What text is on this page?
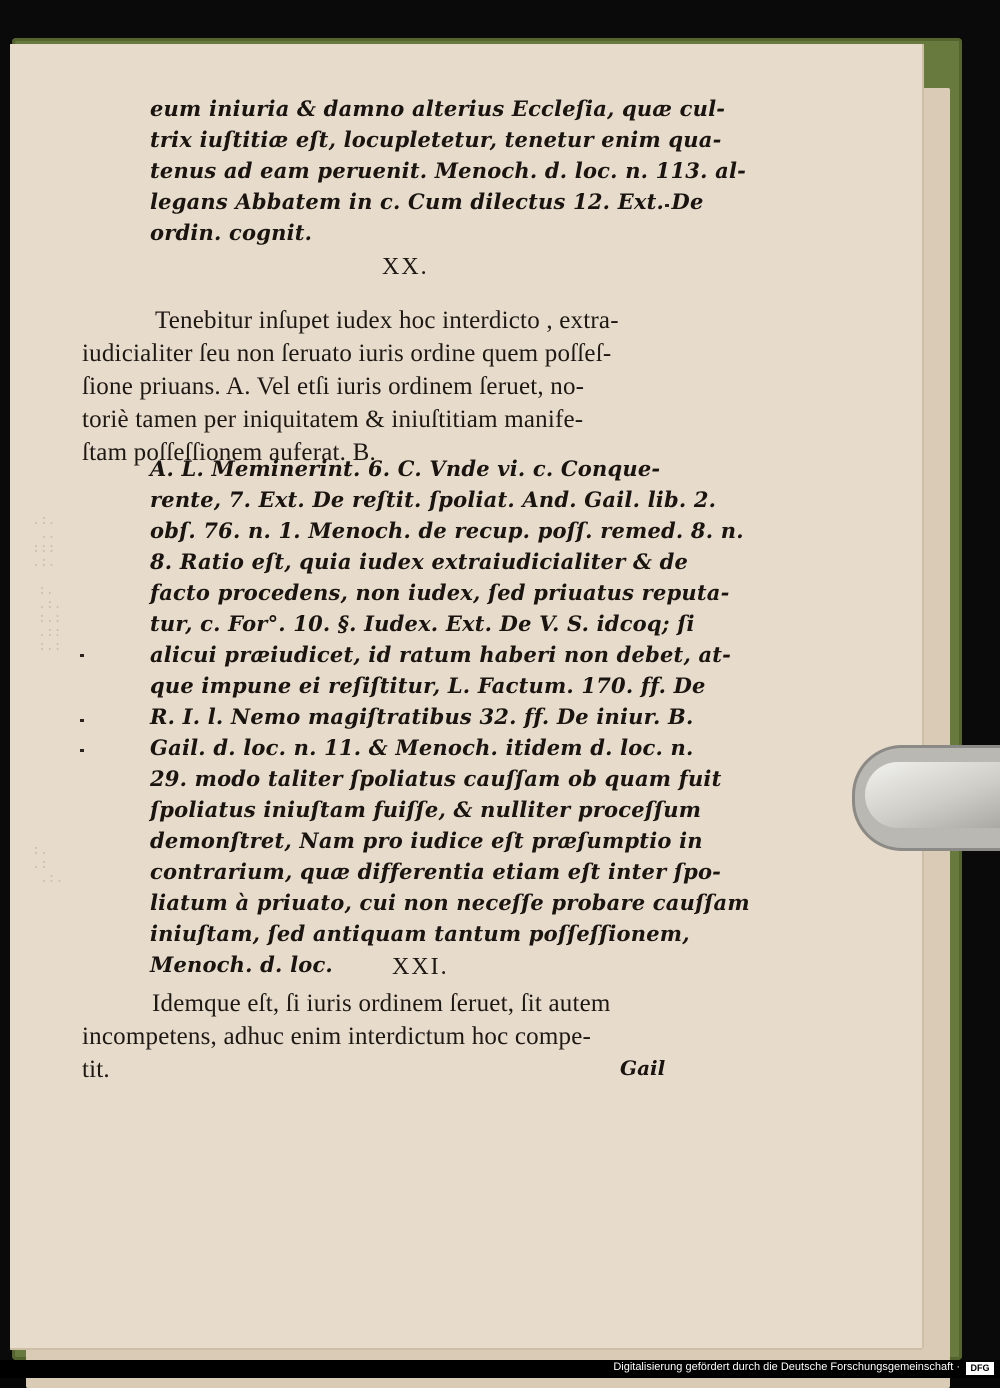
.:.
..
:::
.:.
:.
.:.
:.:
.::
:.:
:.
.:
.:.
eum iniuria & damno alterius Eccleſia, quæ cul-
trix iuſtitiæ eſt, locupletetur, tenetur enim qua-
tenus ad eam peruenit. Menoch. d. loc. n. 113. al-
legans Abbatem in c. Cum dilectus 12. Ext. De
ordin. cognit.
XX.
Tenebitur inſupet iudex hoc interdicto , extra-
iudicialiter ſeu non ſeruato iuris ordine quem poſſeſ-
ſione priuans. A. Vel etſi iuris ordinem ſeruet, no-
toriè tamen per iniquitatem & iniuſtitiam manife-
ſtam poſſeſſionem auferat. B.
A. L. Meminerint. 6. C. Vnde vi. c. Conque-
rente, 7. Ext. De reſtit. ſpoliat. And. Gail. lib. 2.
obſ. 76. n. 1. Menoch. de recup. poſſ. remed. 8. n.
8. Ratio eſt, quia iudex extraiudicialiter & de
facto procedens, non iudex, ſed priuatus reputa-
tur, c. For°. 10. §. Iudex. Ext. De V. S. idcoq; ſi
alicui præiudicet, id ratum haberi non debet, at-
que impune ei reſiſtitur, L. Factum. 170. ff. De
R. I. l. Nemo magiſtratibus 32. ff. De iniur. B.
Gail. d. loc. n. 11. & Menoch. itidem d. loc. n.
29. modo taliter ſpoliatus cauſſam ob quam fuit
ſpoliatus iniuſtam fuiſſe, & nulliter proceſſum
demonſtret, Nam pro iudice eſt præſumptio in
contrarium, quæ differentia etiam eſt inter ſpo-
liatum à priuato, cui non neceſſe probare cauſſam
iniuſtam, ſed antiquam tantum poſſeſſionem,
Menoch. d. loc. XXI.
Idemque eſt, ſi iuris ordinem ſeruet, ſit autem
incompetens, adhuc enim interdictum hoc compe-
tit.	Gail
Digitalisierung gefördert durch die Deutsche Forschungsgemeinschaft ·	DFG
